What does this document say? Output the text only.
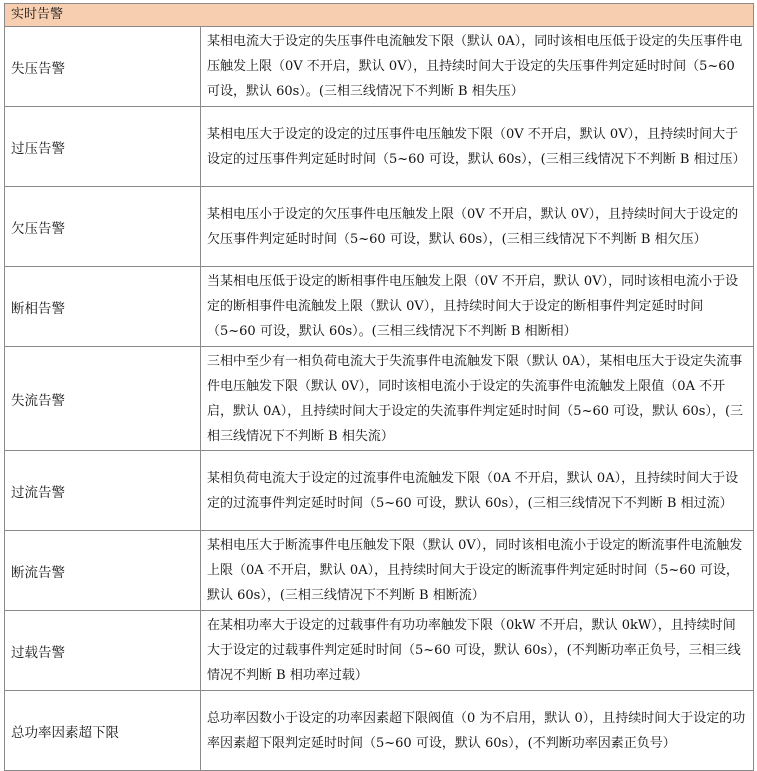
实时告警	
失压告警	某相电流大于设定的失压事件电流触发下限（默认 0A），同时该相电压低于设定的失压事件电压触发上限（0V 不开启，默认 0V），且持续时间大于设定的失压事件判定延时时间（5~60 可设，默认 60s）。(三相三线情况下不判断 B 相失压）
过压告警	某相电压大于设定的设定的过压事件电压触发下限（0V 不开启，默认 0V），且持续时间大于设定的过压事件判定延时时间（5~60 可设，默认 60s），(三相三线情况下不判断 B 相过压）
欠压告警	某相电压小于设定的欠压事件电压触发上限（0V 不开启，默认 0V），且持续时间大于设定的欠压事件判定延时时间（5~60 可设，默认 60s），(三相三线情况下不判断 B 相欠压）
断相告警	当某相电压低于设定的断相事件电压触发上限（0V 不开启，默认 0V），同时该相电流小于设定的断相事件电流触发上限（默认 0V），且持续时间大于设定的断相事件判定延时时间（5~60 可设，默认 60s）。(三相三线情况下不判断 B 相断相）
失流告警	三相中至少有一相负荷电流大于失流事件电流触发下限（默认 0A），某相电压大于设定失流事件电压触发下限（默认 0V），同时该相电流小于设定的失流事件电流触发上限值（0A 不开启，默认 0A），且持续时间大于设定的失流事件判定延时时间（5~60 可设，默认 60s），(三相三线情况下不判断 B 相失流）
过流告警	某相负荷电流大于设定的过流事件电流触发下限（0A 不开启，默认 0A），且持续时间大于设定的过流事件判定延时时间（5~60 可设，默认 60s），(三相三线情况下不判断 B 相过流）
断流告警	某相电压大于断流事件电压触发下限（默认 0V），同时该相电流小于设定的断流事件电流触发上限（0A 不开启，默认 0A），且持续时间大于设定的断流事件判定延时时间（5~60 可设，默认 60s），(三相三线情况下不判断 B 相断流）
过载告警	在某相功率大于设定的过载事件有功功率触发下限（0kW 不开启，默认 0kW），且持续时间大于设定的过载事件判定延时时间（5~60 可设，默认 60s），(不判断功率正负号，三相三线情况不判断 B 相功率过载）
总功率因素超下限	总功率因数小于设定的功率因素超下限阀值（0 为不启用，默认 0），且持续时间大于设定的功率因素超下限判定延时时间（5~60 可设，默认 60s），(不判断功率因素正负号）
